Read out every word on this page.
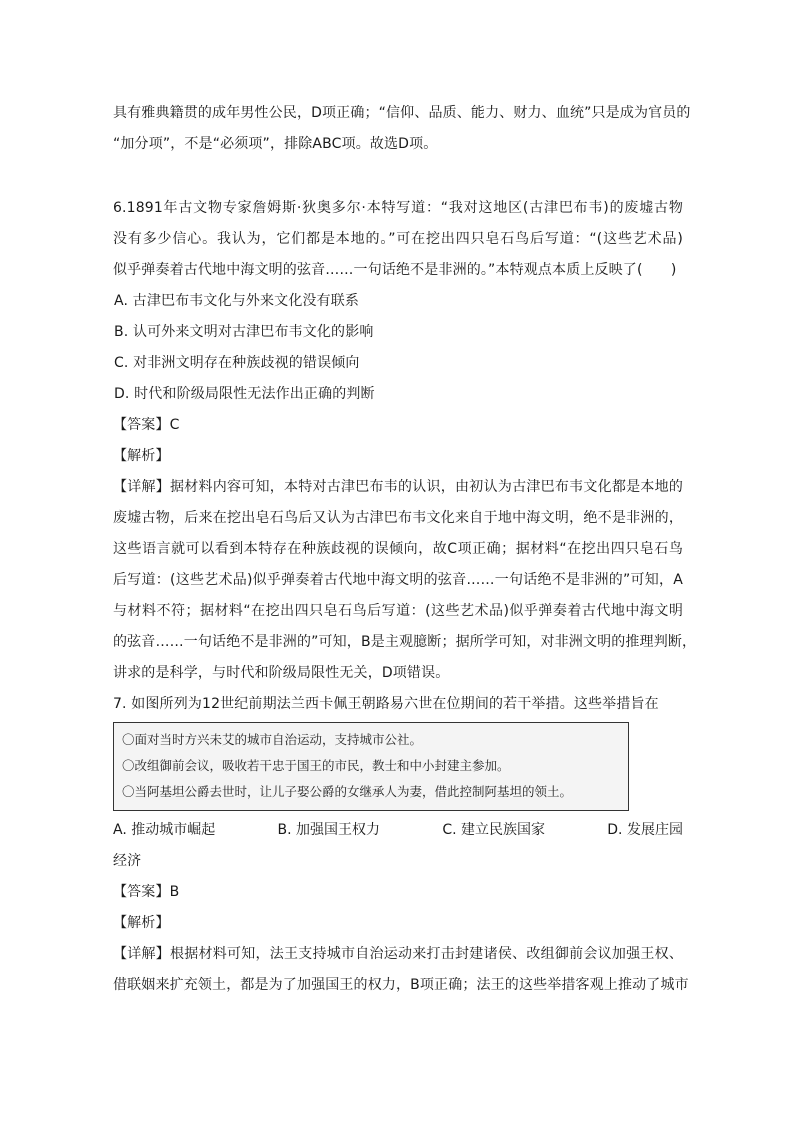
具有雅典籍贯的成年男性公民，D项正确；“信仰、品质、能力、财力、血统”只是成为官员的
“加分项”，不是“必须项”，排除ABC项。故选D项。
6.1891年古文物专家詹姆斯·狄奥多尔·本特写道：“我对这地区(古津巴布韦)的废墟古物
没有多少信心。我认为，它们都是本地的。”可在挖出四只皂石鸟后写道：“(这些艺术品)
似乎弹奏着古代地中海文明的弦音……一句话绝不是非洲的。”本特观点本质上反映了(　　)
A. 古津巴布韦文化与外来文化没有联系
B. 认可外来文明对古津巴布韦文化的影响
C. 对非洲文明存在种族歧视的错误倾向
D. 时代和阶级局限性无法作出正确的判断
【答案】C
【解析】
【详解】据材料内容可知，本特对古津巴布韦的认识，由初认为古津巴布韦文化都是本地的
废墟古物，后来在挖出皂石鸟后又认为古津巴布韦文化来自于地中海文明，绝不是非洲的，
这些语言就可以看到本特存在种族歧视的误倾向，故C项正确；据材料“在挖出四只皂石鸟
后写道：(这些艺术品)似乎弹奏着古代地中海文明的弦音……一句话绝不是非洲的”可知，A
与材料不符；据材料“在挖出四只皂石鸟后写道：(这些艺术品)似乎弹奏着古代地中海文明
的弦音……一句话绝不是非洲的”可知，B是主观臆断；据所学可知，对非洲文明的推理判断，
讲求的是科学，与时代和阶级局限性无关，D项错误。
7. 如图所列为12世纪前期法兰西卡佩王朝路易六世在位期间的若干举措。这些举措旨在
〇面对当时方兴未艾的城市自治运动，支持城市公社。
〇改组御前会议，吸收若干忠于国王的市民，教士和中小封建主参加。
〇当阿基坦公爵去世时，让儿子娶公爵的女继承人为妻，借此控制阿基坦的领土。
A. 推动城市崛起	B. 加强国王权力	C. 建立民族国家	D. 发展庄园
经济
【答案】B
【解析】
【详解】根据材料可知，法王支持城市自治运动来打击封建诸侯、改组御前会议加强王权、
借联姻来扩充领土，都是为了加强国王的权力，B项正确；法王的这些举措客观上推动了城市
